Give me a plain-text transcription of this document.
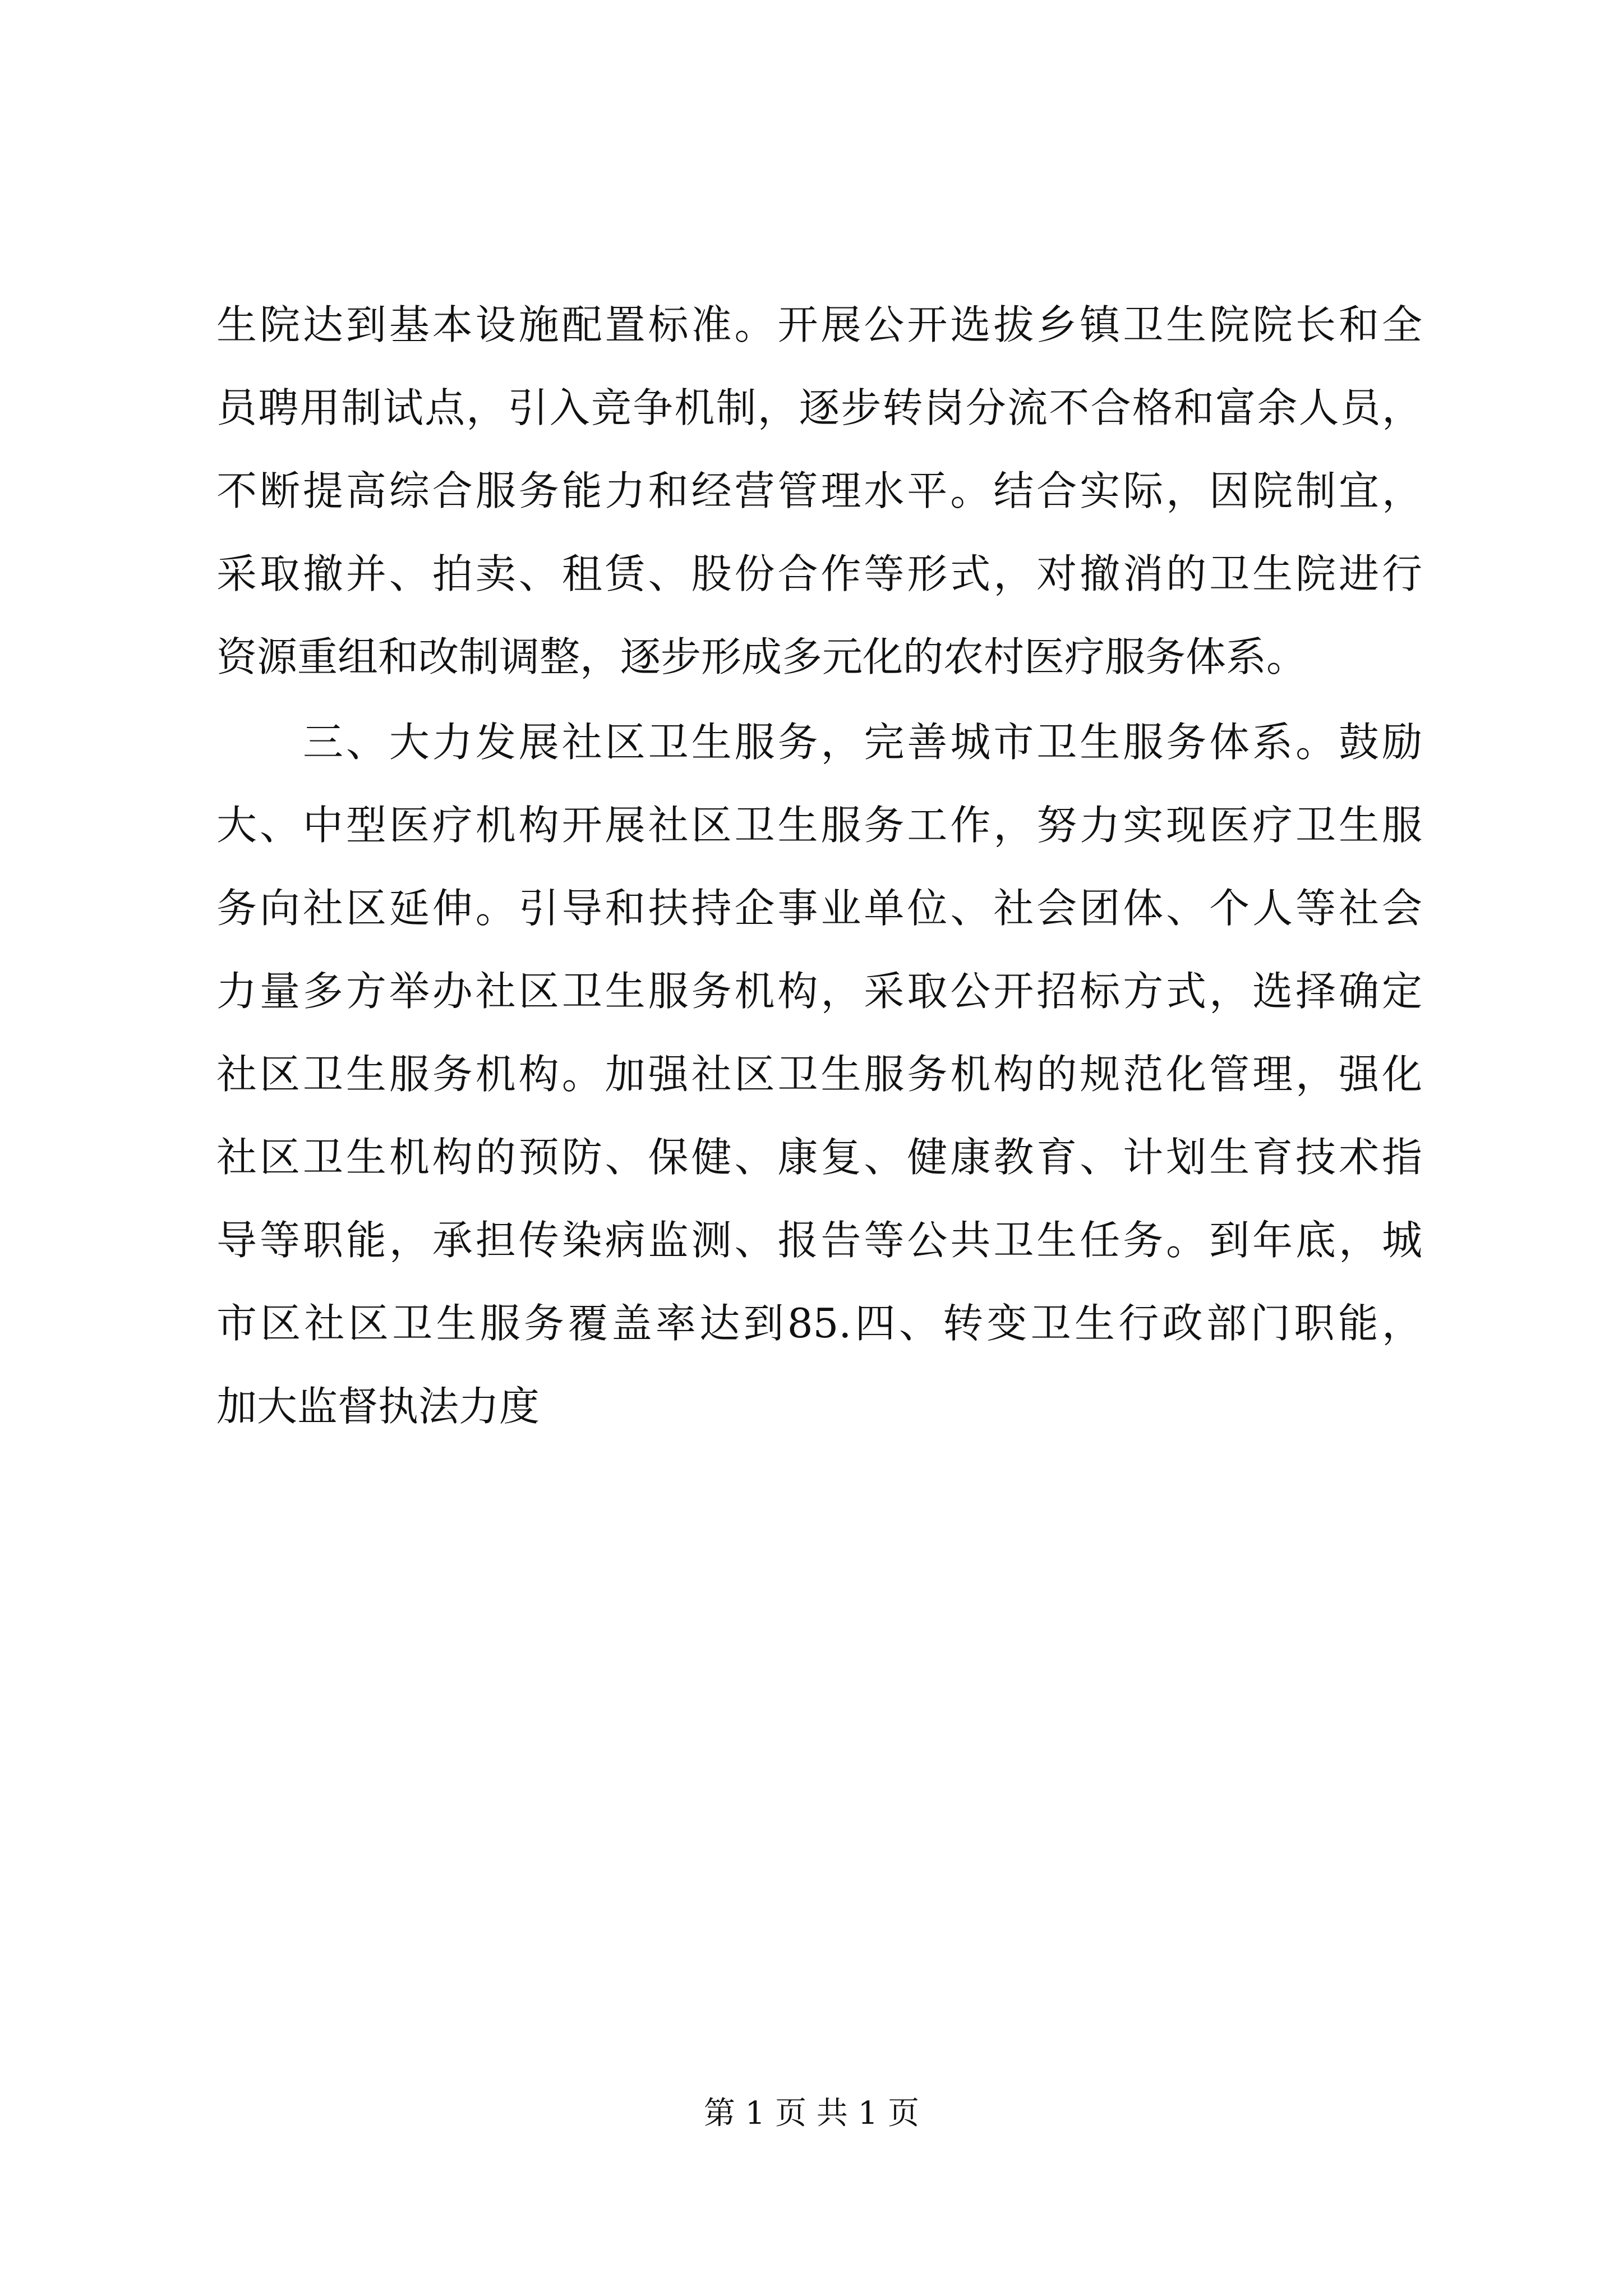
生院达到基本设施配置标准。开展公开选拔乡镇卫生院院长和全
员聘用制试点，引入竞争机制，逐步转岗分流不合格和富余人员，
不断提高综合服务能力和经营管理水平。结合实际，因院制宜，
采取撤并、拍卖、租赁、股份合作等形式，对撤消的卫生院进行
资源重组和改制调整，逐步形成多元化的农村医疗服务体系。
三、大力发展社区卫生服务，完善城市卫生服务体系。鼓励
大、中型医疗机构开展社区卫生服务工作，努力实现医疗卫生服
务向社区延伸。引导和扶持企事业单位、社会团体、个人等社会
力量多方举办社区卫生服务机构，采取公开招标方式，选择确定
社区卫生服务机构。加强社区卫生服务机构的规范化管理，强化
社区卫生机构的预防、保健、康复、健康教育、计划生育技术指
导等职能，承担传染病监测、报告等公共卫生任务。到年底，城
市区社区卫生服务覆盖率达到85.四、转变卫生行政部门职能，
加大监督执法力度
第 1 页 共 1 页
